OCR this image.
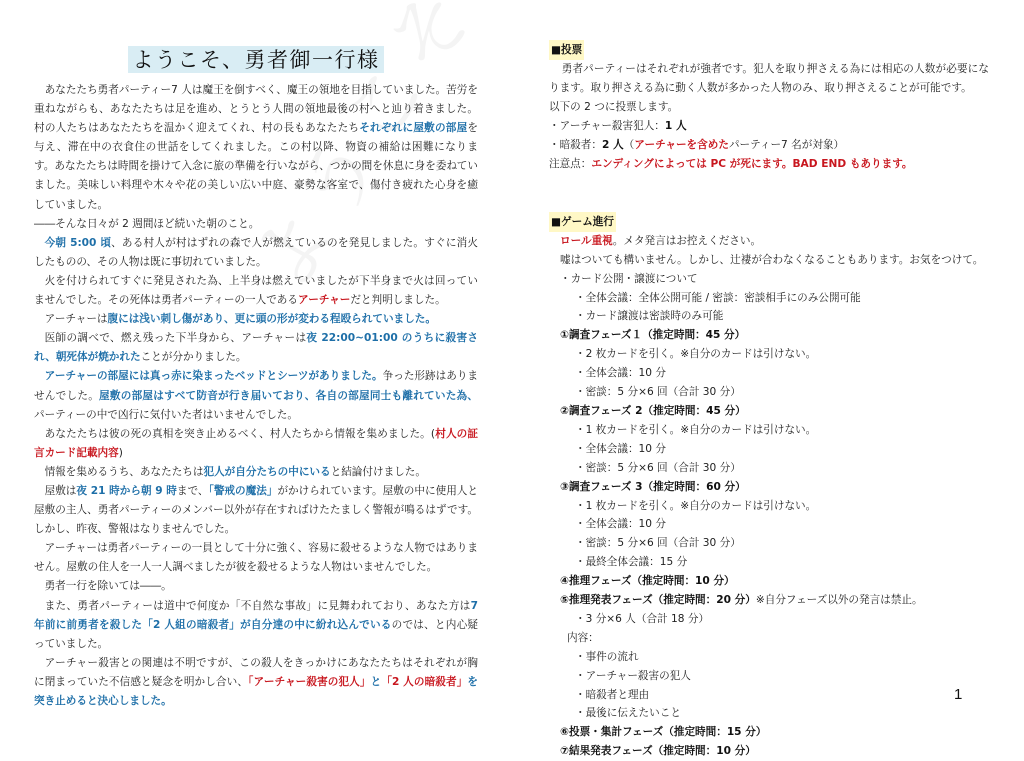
ようこそ、勇者御一行様

あなたたち勇者パーティー7 人は魔王を倒すべく、魔王の領地を目指していました。苦労を重ねながらも、あなたたちは足を進め、とうとう人間の領地最後の村へと辿り着きました。村の人たちはあなたたちを温かく迎えてくれ、村の長もあなたたちそれぞれに屋敷の部屋を与え、滞在中の衣食住の世話をしてくれました。この村以降、物資の補給は困難になります。あなたたちは時間を掛けて入念に旅の準備を行いながら、つかの間を休息に身を委ねていました。美味しい料理や木々や花の美しい広い中庭、豪勢な客室で、傷付き疲れた心身を癒していました。

――そんな日々が 2 週間ほど続いた朝のこと。

今朝 5:00 頃、ある村人が村はずれの森で人が燃えているのを発見しました。すぐに消火したものの、その人物は既に事切れていました。

火を付けられてすぐに発見された為、上半身は燃えていましたが下半身まで火は回っていませんでした。その死体は勇者パーティーの一人であるアーチャーだと判明しました。

アーチャーは腹には浅い刺し傷があり、更に頭の形が変わる程殴られていました。

医師の調べで、燃え残った下半身から、アーチャーは夜 22:00~01:00 のうちに殺害され、朝死体が焼かれたことが分かりました。

アーチャーの部屋には真っ赤に染まったベッドとシーツがありました。争った形跡はありませんでした。屋敷の部屋はすべて防音が行き届いており、各自の部屋同士も離れていた為、パーティーの中で凶行に気付いた者はいませんでした。

あなたたちは彼の死の真相を突き止めるべく、村人たちから情報を集めました。(村人の証言カード記載内容)

情報を集めるうち、あなたたちは犯人が自分たちの中にいると結論付けました。

屋敷は夜 21 時から朝 9 時まで、「警戒の魔法」がかけられています。屋敷の中に使用人と屋敷の主人、勇者パーティーのメンバー以外が存在すればけたたましく警報が鳴るはずです。しかし、昨夜、警報はなりませんでした。

アーチャーは勇者パーティーの一員として十分に強く、容易に殺せるような人物ではありません。屋敷の住人を一人一人調べましたが彼を殺せるような人物はいませんでした。

勇者一行を除いては――。

また、勇者パーティーは道中で何度か「不自然な事故」に見舞われており、あなた方は7 年前に前勇者を殺した「2 人組の暗殺者」が自分達の中に紛れ込んでいるのでは、と内心疑っていました。

アーチャー殺害との関連は不明ですが、この殺人をきっかけにあなたたちはそれぞれが胸に閉まっていた不信感と疑念を明かし合い、「アーチャー殺害の犯人」と「2 人の暗殺者」を突き止めると決心しました。

■投票

勇者パーティーはそれぞれが強者です。犯人を取り押さえる為には相応の人数が必要になります。取り押さえる為に動く人数が多かった人物のみ、取り押さえることが可能です。

以下の 2 つに投票します。

・アーチャー殺害犯人：1 人

・暗殺者：2 人（アーチャーを含めたパーティー7 名が対象）

注意点：エンディングによっては PC が死にます。BAD END もあります。

■ゲーム進行

ロール重視。メタ発言はお控えください。

嘘はついても構いません。しかし、辻褄が合わなくなることもあります。お気をつけて。

・カード公開・譲渡について

・全体会議：全体公開可能 / 密談：密談相手にのみ公開可能

・カード譲渡は密談時のみ可能

①調査フェーズ１（推定時間：45 分）

・2 枚カードを引く。※自分のカードは引けない。

・全体会議：10 分

・密談：5 分×6 回（合計 30 分）

②調査フェーズ 2（推定時間：45 分）

・1 枚カードを引く。※自分のカードは引けない。

・全体会議：10 分

・密談：5 分×6 回（合計 30 分）

③調査フェーズ 3（推定時間：60 分）

・1 枚カードを引く。※自分のカードは引けない。

・全体会議：10 分

・密談：5 分×6 回（合計 30 分）

・最終全体会議：15 分

④推理フェーズ（推定時間：10 分）

⑤推理発表フェーズ（推定時間：20 分）※自分フェーズ以外の発言は禁止。

・3 分×6 人（合計 18 分）

内容：

・事件の流れ

・アーチャー殺害の犯人

・暗殺者と理由

・最後に伝えたいこと

⑥投票・集計フェーズ（推定時間：15 分）

⑦結果発表フェーズ（推定時間：10 分）

1
